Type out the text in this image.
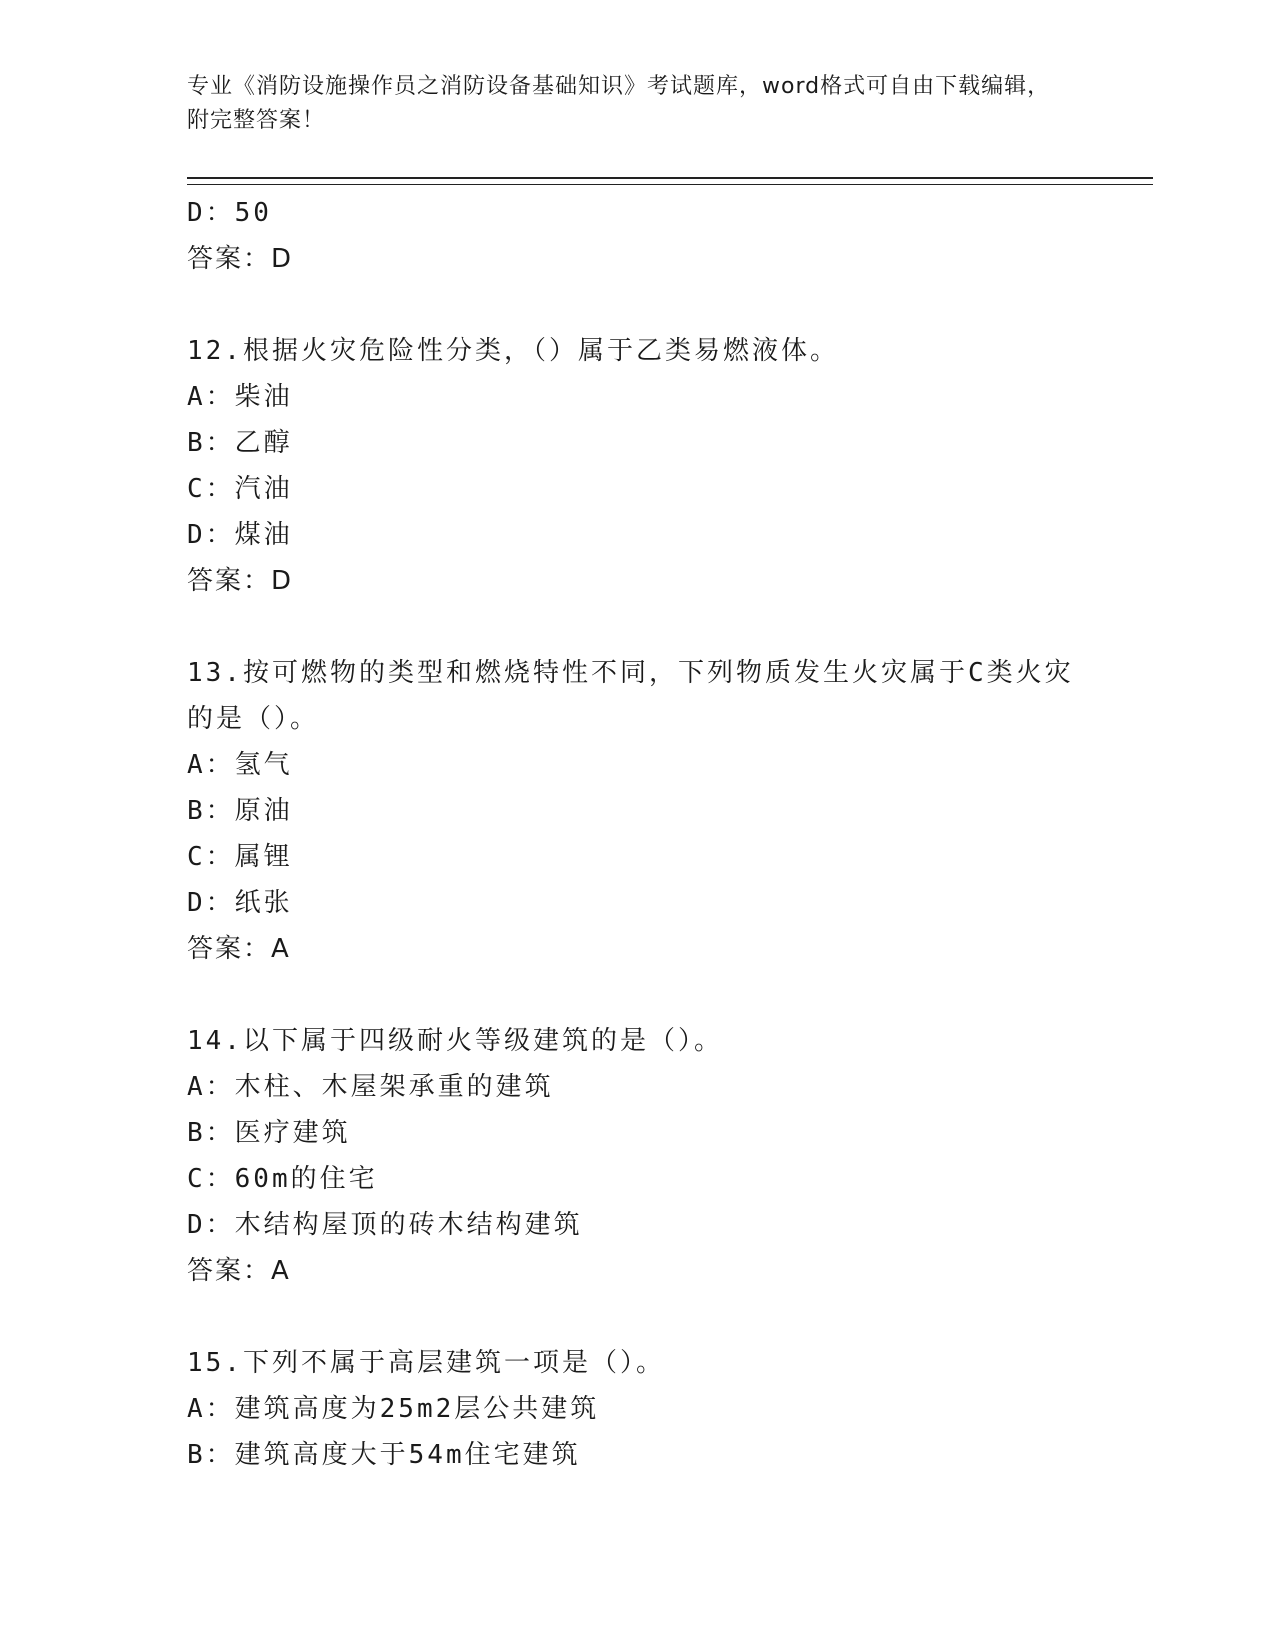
专业《消防设施操作员之消防设备基础知识》考试题库，word格式可自由下载编辑，附完整答案！
D：50
答案：D
12.根据火灾危险性分类，（）属于乙类易燃液体。
A：柴油
B：乙醇
C：汽油
D：煤油
答案：D
13.按可燃物的类型和燃烧特性不同，下列物质发生火灾属于C类火灾
的是（）。
A：氢气
B：原油
C：属锂
D：纸张
答案：A
14.以下属于四级耐火等级建筑的是（）。
A：木柱、木屋架承重的建筑
B：医疗建筑
C：60m的住宅
D：木结构屋顶的砖木结构建筑
答案：A
15.下列不属于高层建筑一项是（）。
A：建筑高度为25m2层公共建筑
B：建筑高度大于54m住宅建筑
